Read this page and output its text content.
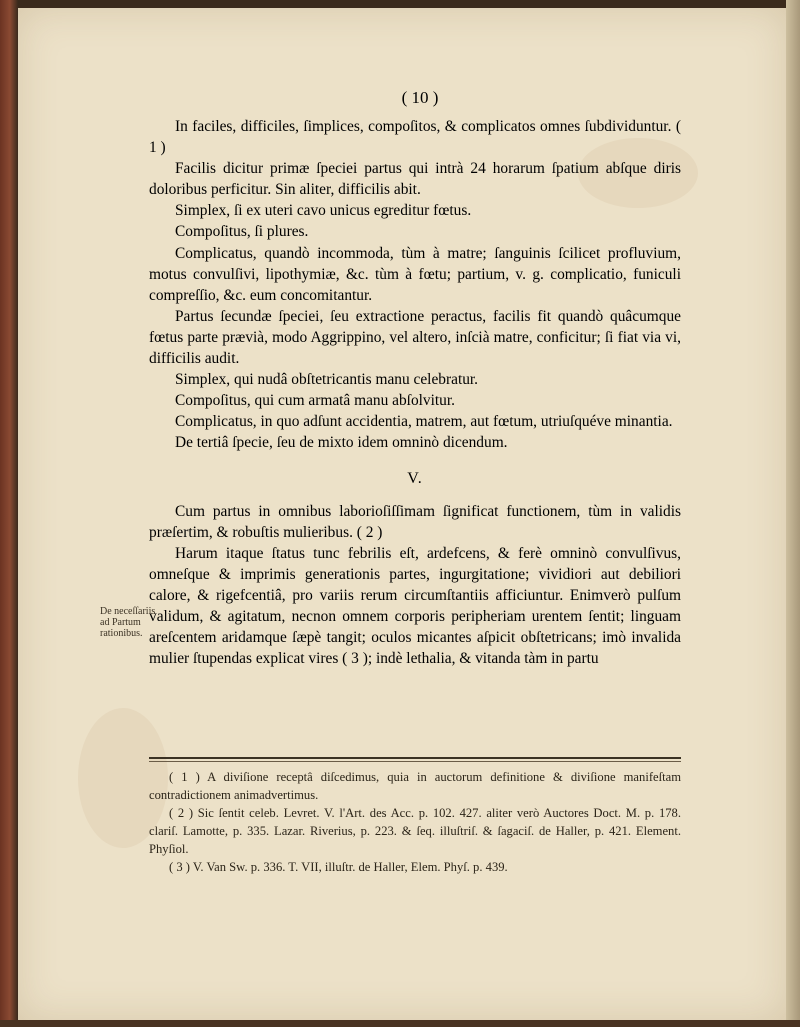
( 10 )

In faciles, difficiles, ſimplices, compoſitos, & complicatos omnes ſubdividuntur. ( 1 )

Facilis dicitur primæ ſpeciei partus qui intrà 24 horarum ſpatium abſque diris doloribus perficitur. Sin aliter, difficilis abit.

Simplex, ſi ex uteri cavo unicus egreditur fœtus.

Compoſitus, ſi plures.

Complicatus, quandò incommoda, tùm à matre; ſanguinis ſcilicet profluvium, motus convulſivi, lipothymiæ, &c. tùm à fœtu; partium, v. g. complicatio, funiculi compreſſio, &c. eum concomitantur.

Partus ſecundæ ſpeciei, ſeu extractione peractus, facilis fit quandò quâcumque fœtus parte prævià, modo Aggrippino, vel altero, inſcià matre, conficitur; ſi fiat via vi, difficilis audit.

Simplex, qui nudâ obſtetricantis manu celebratur.

Compoſitus, qui cum armatâ manu abſolvitur.

Complicatus, in quo adſunt accidentia, matrem, aut fœtum, utriuſquéve minantia.

De tertiâ ſpecie, ſeu de mixto idem omninò dicendum.

V.

Cum partus in omnibus laborioſiſſimam ſignificat functionem, tùm in validis præſertim, & robuſtis mulieribus. ( 2 )

Harum itaque ſtatus tunc febrilis eſt, ardefcens, & ferè omninò convulſivus, omneſque & imprimis generationis partes, ingurgitatione; vividiori aut debiliori calore, & rigefcentiâ, pro variis rerum circumſtantiis afficiuntur. Enimverò pulſum validum, & agitatum, necnon omnem corporis peripheriam urentem ſentit; linguam areſcentem aridamque ſæpè tangit; oculos micantes aſpicit obſtetricans; imò invalida mulier ſtupendas explicat vires ( 3 ); indè lethalia, & vitanda tàm in partu

De neceſſariis ad Partum rationibus.

( 1 ) A diviſione receptâ diſcedimus, quia in auctorum definitione & diviſione manifeſtam contradictionem animadvertimus.

( 2 ) Sic ſentit celeb. Levret. V. l'Art. des Acc. p. 102. 427. aliter verò Auctores Doct. M. p. 178. clariſ. Lamotte, p. 335. Lazar. Riverius, p. 223. & ſeq. illuſtriſ. & ſagaciſ. de Haller, p. 421. Element. Phyſiol.

( 3 ) V. Van Sw. p. 336. T. VII, illuſtr. de Haller, Elem. Phyſ. p. 439.
